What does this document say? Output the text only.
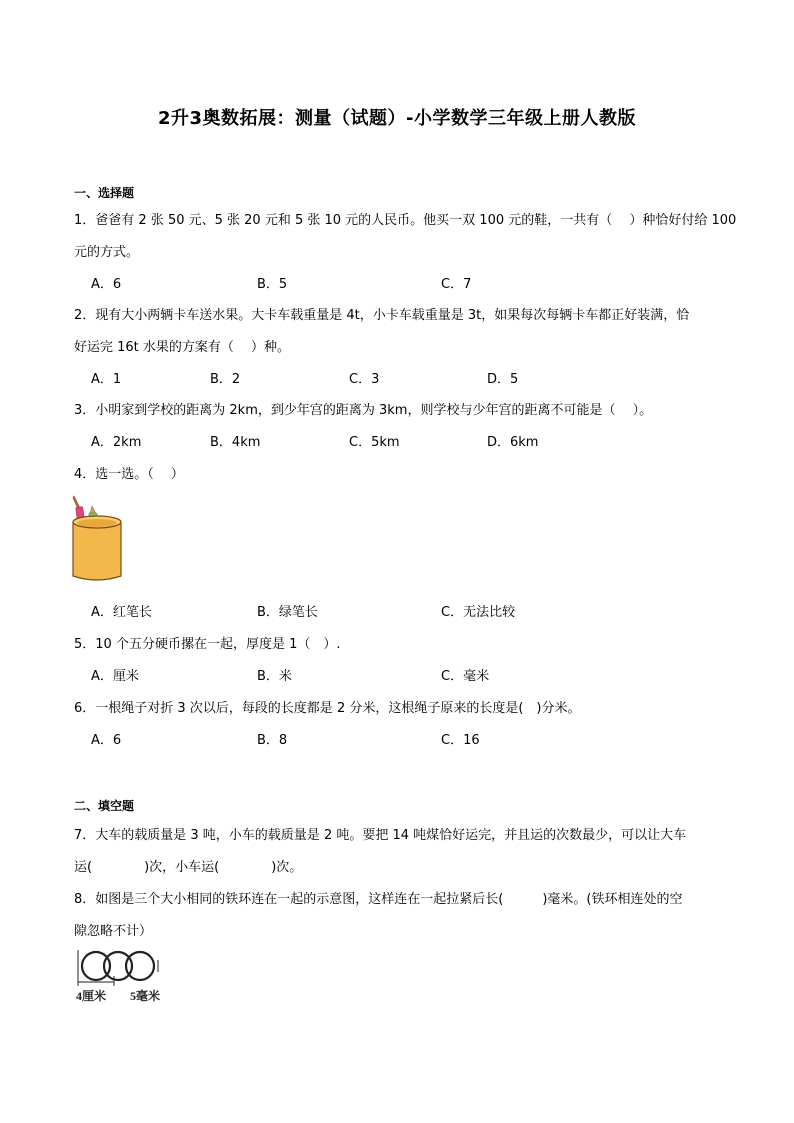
2升3奥数拓展：测量（试题）-小学数学三年级上册人教版
一、选择题
1．爸爸有 2 张 50 元、5 张 20 元和 5 张 10 元的人民币。他买一双 100 元的鞋，一共有（　 ）种恰好付给 100
元的方式。
A．6	B．5	C．7
2．现有大小两辆卡车送水果。大卡车载重量是 4t，小卡车载重量是 3t，如果每次每辆卡车都正好装满，恰
好运完 16t 水果的方案有（　 ）种。
A．1	B．2	C．3	D．5
3．小明家到学校的距离为 2km，到少年宫的距离为 3km，则学校与少年宫的距离不可能是（　 ）。
A．2km	B．4km	C．5km	D．6km
4．选一选。（　 ）
A．红笔长	B．绿笔长	C．无法比较
5．10 个五分硬币摞在一起，厚度是 1（　）.
A．厘米	B．米	C．毫米
6．一根绳子对折 3 次以后，每段的长度都是 2 分米，这根绳子原来的长度是(　)分米。
A．6	B．8	C．16
二、填空题
7．大车的载质量是 3 吨，小车的载质量是 2 吨。要把 14 吨煤恰好运完，并且运的次数最少，可以让大车
运(　　　　)次，小车运(　　　　)次。
8．如图是三个大小相同的铁环连在一起的示意图，这样连在一起拉紧后长(　　　)毫米。(铁环相连处的空
隙忽略不计）
4厘米 5毫米
